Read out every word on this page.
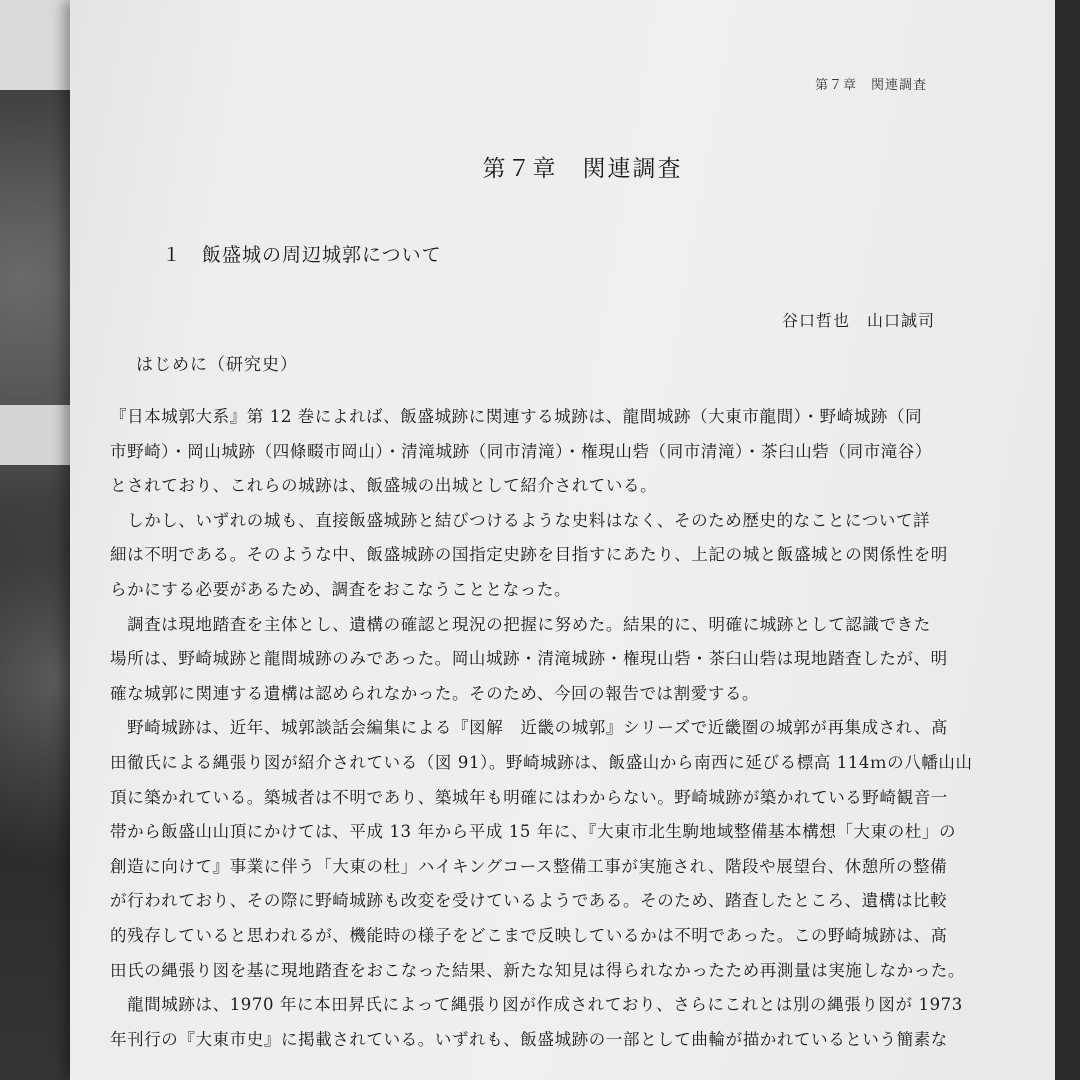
第７章　関連調査
第７章　関連調査
１　飯盛城の周辺城郭について
谷口哲也　山口誠司
はじめに（研究史）
『日本城郭大系』第 12 巻によれば、飯盛城跡に関連する城跡は、龍間城跡（大東市龍間）・野崎城跡（同
市野崎）・岡山城跡（四條畷市岡山）・清滝城跡（同市清滝）・権現山砦（同市清滝）・茶臼山砦（同市滝谷）
とされており、これらの城跡は、飯盛城の出城として紹介されている。
　しかし、いずれの城も、直接飯盛城跡と結びつけるような史料はなく、そのため歴史的なことについて詳
細は不明である。そのような中、飯盛城跡の国指定史跡を目指すにあたり、上記の城と飯盛城との関係性を明
らかにする必要があるため、調査をおこなうこととなった。
　調査は現地踏査を主体とし、遺構の確認と現況の把握に努めた。結果的に、明確に城跡として認識できた
場所は、野崎城跡と龍間城跡のみであった。岡山城跡・清滝城跡・権現山砦・茶臼山砦は現地踏査したが、明
確な城郭に関連する遺構は認められなかった。そのため、今回の報告では割愛する。
　野崎城跡は、近年、城郭談話会編集による『図解　近畿の城郭』シリーズで近畿圏の城郭が再集成され、髙
田徹氏による縄張り図が紹介されている（図 91）。野崎城跡は、飯盛山から南西に延びる標高 114ｍの八幡山山
頂に築かれている。築城者は不明であり、築城年も明確にはわからない。野崎城跡が築かれている野崎観音一
帯から飯盛山山頂にかけては、平成 13 年から平成 15 年に、『大東市北生駒地域整備基本構想「大東の杜」の
創造に向けて』事業に伴う「大東の杜」ハイキングコース整備工事が実施され、階段や展望台、休憩所の整備
が行われており、その際に野崎城跡も改変を受けているようである。そのため、踏査したところ、遺構は比較
的残存していると思われるが、機能時の様子をどこまで反映しているかは不明であった。この野崎城跡は、髙
田氏の縄張り図を基に現地踏査をおこなった結果、新たな知見は得られなかったため再測量は実施しなかった。
　龍間城跡は、1970 年に本田昇氏によって縄張り図が作成されており、さらにこれとは別の縄張り図が 1973
年刊行の『大東市史』に掲載されている。いずれも、飯盛城跡の一部として曲輪が描かれているという簡素な
